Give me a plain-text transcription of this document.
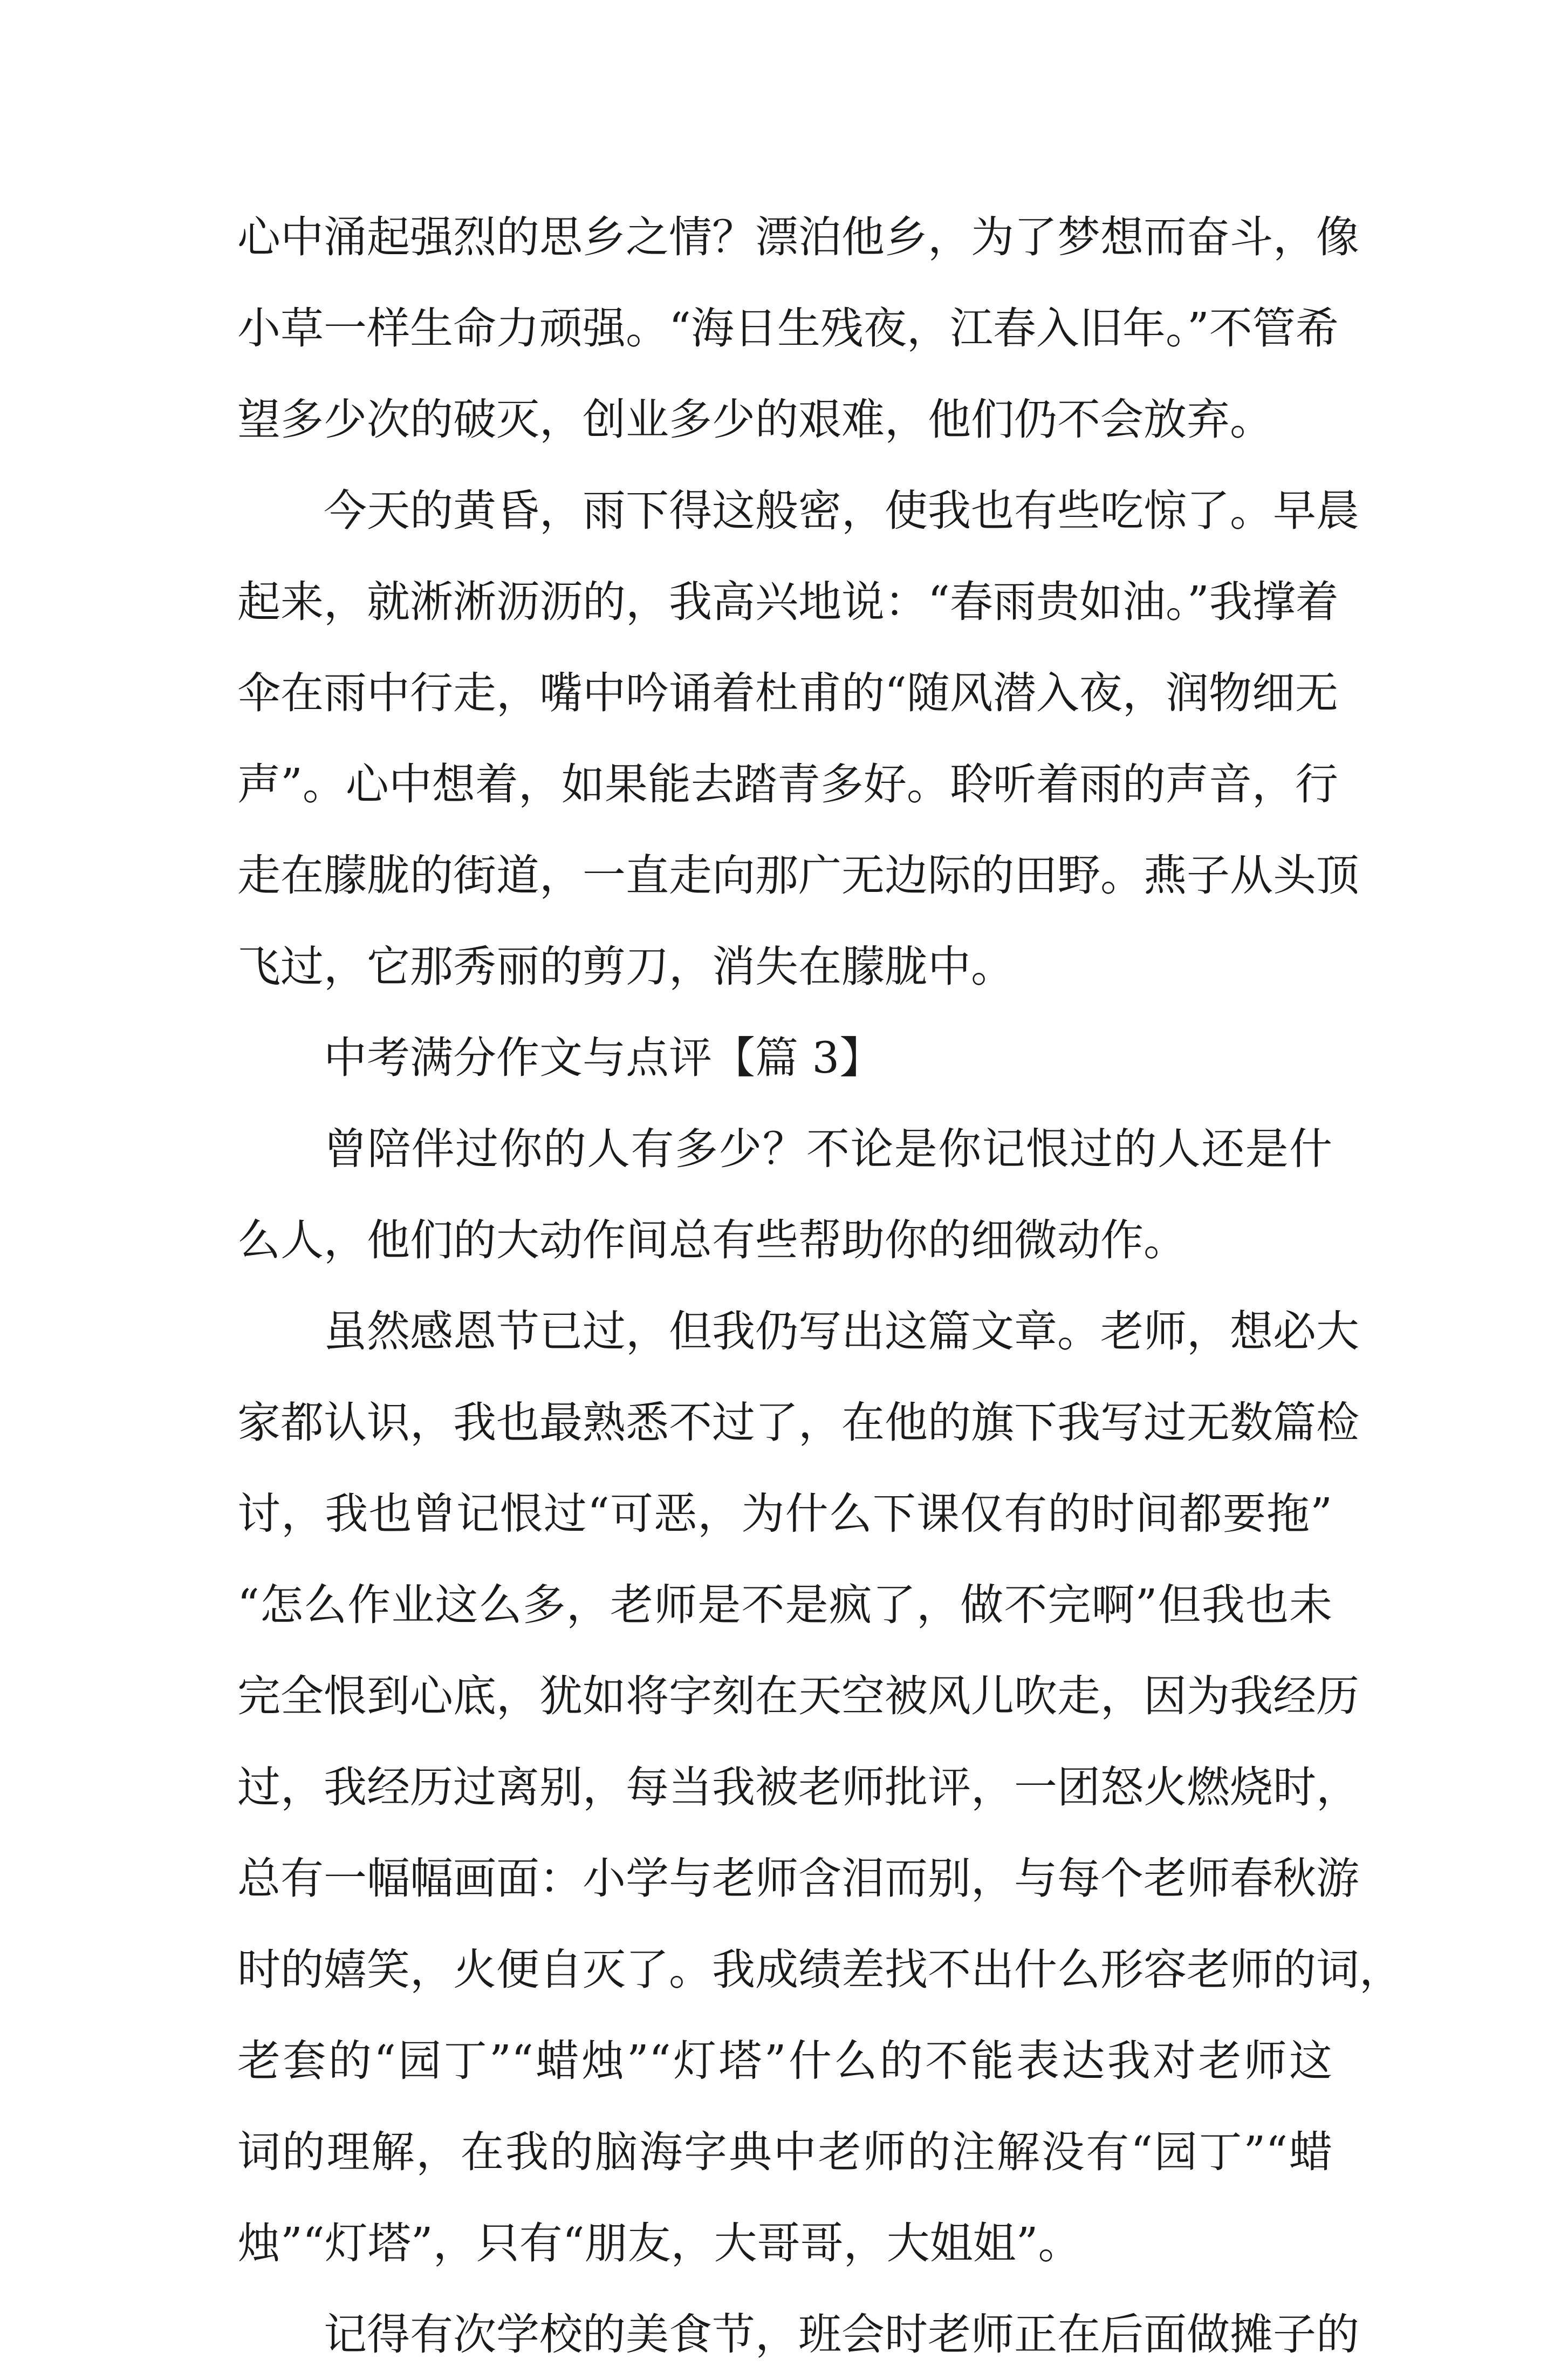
心中涌起强烈的思乡之情？漂泊他乡，为了梦想而奋斗，像
小草一样生命力顽强。“海日生残夜，江春入旧年。”不管希
望多少次的破灭，创业多少的艰难，他们仍不会放弃。
今天的黄昏，雨下得这般密，使我也有些吃惊了。早晨
起来，就淅淅沥沥的，我高兴地说：“春雨贵如油。”我撑着
伞在雨中行走，嘴中吟诵着杜甫的“随风潜入夜，润物细无
声”。心中想着，如果能去踏青多好。聆听着雨的声音，行
走在朦胧的街道，一直走向那广无边际的田野。燕子从头顶
飞过，它那秀丽的剪刀，消失在朦胧中。
中考满分作文与点评【篇 3】
曾陪伴过你的人有多少？不论是你记恨过的人还是什
么人，他们的大动作间总有些帮助你的细微动作。
虽然感恩节已过，但我仍写出这篇文章。老师，想必大
家都认识，我也最熟悉不过了，在他的旗下我写过无数篇检
讨，我也曾记恨过“可恶，为什么下课仅有的时间都要拖”
“怎么作业这么多，老师是不是疯了，做不完啊”但我也未
完全恨到心底，犹如将字刻在天空被风儿吹走，因为我经历
过，我经历过离别，每当我被老师批评，一团怒火燃烧时，
总有一幅幅画面：小学与老师含泪而别，与每个老师春秋游
时的嬉笑，火便自灭了。我成绩差找不出什么形容老师的词，
老套的“园丁”“蜡烛”“灯塔”什么的不能表达我对老师这
词的理解，在我的脑海字典中老师的注解没有“园丁”“蜡
烛”“灯塔”，只有“朋友，大哥哥，大姐姐”。
记得有次学校的美食节，班会时老师正在后面做摊子的
